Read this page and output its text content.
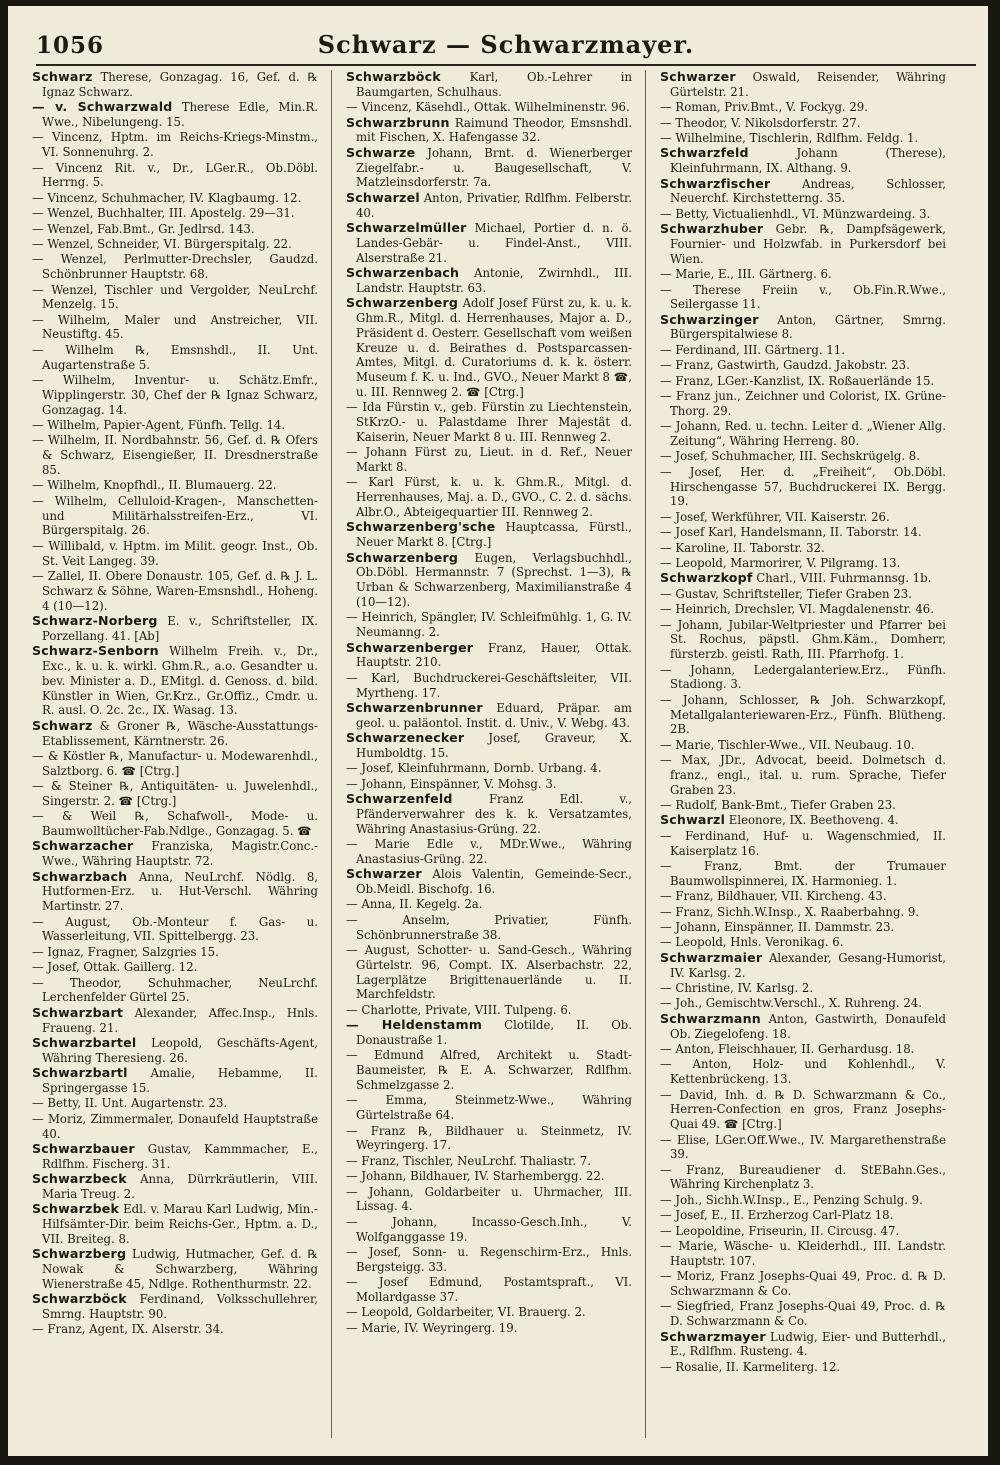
1056	Schwarz — Schwarzmayer.
Schwarz Therese, Gonzagag. 16, Gef. d. ℞ Ignaz Schwarz.
— v. Schwarzwald Therese Edle, Min.R. Wwe., Nibelungeng. 15.
— Vincenz, Hptm. im Reichs-Kriegs-Minstm., VI. Sonnenuhrg. 2.
— Vincenz Rit. v., Dr., LGer.R., Ob.Döbl. Herrng. 5.
— Vincenz, Schuhmacher, IV. Klagbaumg. 12.
— Wenzel, Buchhalter, III. Apostelg. 29—31.
— Wenzel, Fab.Bmt., Gr. Jedlrsd. 143.
— Wenzel, Schneider, VI. Bürgerspitalg. 22.
— Wenzel, Perlmutter-Drechsler, Gaudzd. Schönbrunner Hauptstr. 68.
— Wenzel, Tischler und Vergolder, NeuLrchf. Menzelg. 15.
— Wilhelm, Maler und Anstreicher, VII. Neustiftg. 45.
— Wilhelm ℞, Emsnshdl., II. Unt. Augartenstraße 5.
— Wilhelm, Inventur- u. Schätz.Emfr., Wipplingerstr. 30, Chef der ℞ Ignaz Schwarz, Gonzagag. 14.
— Wilhelm, Papier-Agent, Fünfh. Tellg. 14.
— Wilhelm, II. Nordbahnstr. 56, Gef. d. ℞ Ofers & Schwarz, Eisengießer, II. Dresdnerstraße 85.
— Wilhelm, Knopfhdl., II. Blumauerg. 22.
— Wilhelm, Celluloid-Kragen-, Manschetten- und Militärhalsstreifen-Erz., VI. Bürgerspitalg. 26.
— Willibald, v. Hptm. im Milit. geogr. Inst., Ob. St. Veit Langeg. 39.
— Zallel, II. Obere Donaustr. 105, Gef. d. ℞ J. L. Schwarz & Söhne, Waren-Emsnshdl., Hoheng. 4 (10—12).
Schwarz-Norberg E. v., Schriftsteller, IX. Porzellang. 41. [Ab]
Schwarz-Senborn Wilhelm Freih. v., Dr., Exc., k. u. k. wirkl. Ghm.R., a.o. Gesandter u. bev. Minister a. D., EMitgl. d. Genoss. d. bild. Künstler in Wien, Gr.Krz., Gr.Offiz., Cmdr. u. R. ausl. O. 2c. 2c., IX. Wasag. 13.
Schwarz & Groner ℞, Wäsche-Ausstattungs-Etablissement, Kärntnerstr. 26.
— & Köstler ℞, Manufactur- u. Modewarenhdl., Salztborg. 6. ☎ [Ctrg.]
— & Steiner ℞, Antiquitäten- u. Juwelenhdl., Singerstr. 2. ☎ [Ctrg.]
— & Weil ℞, Schafwoll-, Mode- u. Baumwolltücher-Fab.Ndlge., Gonzagag. 5. ☎
Schwarzacher Franziska, Magistr.Conc.-Wwe., Währing Hauptstr. 72.
Schwarzbach Anna, NeuLrchf. Nödlg. 8, Hutformen-Erz. u. Hut-Verschl. Währing Martinstr. 27.
— August, Ob.-Monteur f. Gas- u. Wasserleitung, VII. Spittelbergg. 23.
— Ignaz, Fragner, Salzgries 15.
— Josef, Ottak. Gaillerg. 12.
— Theodor, Schuhmacher, NeuLrchf. Lerchenfelder Gürtel 25.
Schwarzbart Alexander, Affec.Insp., Hnls. Fraueng. 21.
Schwarzbartel Leopold, Geschäfts-Agent, Währing Theresieng. 26.
Schwarzbartl Amalie, Hebamme, II. Springergasse 15.
— Betty, II. Unt. Augartenstr. 23.
— Moriz, Zimmermaler, Donaufeld Hauptstraße 40.
Schwarzbauer Gustav, Kammmacher, E., Rdlfhm. Fischerg. 31.
Schwarzbeck Anna, Dürrkräutlerin, VIII. Maria Treug. 2.
Schwarzbek Edl. v. Marau Karl Ludwig, Min.-Hilfsämter-Dir. beim Reichs-Ger., Hptm. a. D., VII. Breiteg. 8.
Schwarzberg Ludwig, Hutmacher, Gef. d. ℞ Nowak & Schwarzberg, Währing Wienerstraße 45, Ndlge. Rothenthurmstr. 22.
Schwarzböck Ferdinand, Volksschullehrer, Smrng. Hauptstr. 90.
— Franz, Agent, IX. Alserstr. 34.
Schwarzböck Karl, Ob.-Lehrer in Baumgarten, Schulhaus.
— Vincenz, Käsehdl., Ottak. Wilhelminenstr. 96.
Schwarzbrunn Raimund Theodor, Emsnshdl. mit Fischen, X. Hafengasse 32.
Schwarze Johann, Brnt. d. Wienerberger Ziegelfabr.- u. Baugesellschaft, V. Matzleinsdorferstr. 7a.
Schwarzel Anton, Privatier, Rdlfhm. Felberstr. 40.
Schwarzelmüller Michael, Portier d. n. ö. Landes-Gebär- u. Findel-Anst., VIII. Alserstraße 21.
Schwarzenbach Antonie, Zwirnhdl., III. Landstr. Hauptstr. 63.
Schwarzenberg Adolf Josef Fürst zu, k. u. k. Ghm.R., Mitgl. d. Herrenhauses, Major a. D., Präsident d. Oesterr. Gesellschaft vom weißen Kreuze u. d. Beirathes d. Postsparcassen-Amtes, Mitgl. d. Curatoriums d. k. k. österr. Museum f. K. u. Ind., GVO., Neuer Markt 8 ☎, u. III. Rennweg 2. ☎ [Ctrg.]
— Ida Fürstin v., geb. Fürstin zu Liechtenstein, StKrzO.- u. Palastdame Ihrer Majestät d. Kaiserin, Neuer Markt 8 u. III. Rennweg 2.
— Johann Fürst zu, Lieut. in d. Ref., Neuer Markt 8.
— Karl Fürst, k. u. k. Ghm.R., Mitgl. d. Herrenhauses, Maj. a. D., GVO., C. 2. d. sächs. Albr.O., Abteigequartier III. Rennweg 2.
Schwarzenberg'sche Hauptcassa, Fürstl., Neuer Markt 8. [Ctrg.]
Schwarzenberg Eugen, Verlagsbuchhdl., Ob.Döbl. Hermannstr. 7 (Sprechst. 1—3), ℞ Urban & Schwarzenberg, Maximilianstraße 4 (10—12).
— Heinrich, Spängler, IV. Schleifmühlg. 1, G. IV. Neumanng. 2.
Schwarzenberger Franz, Hauer, Ottak. Hauptstr. 210.
— Karl, Buchdruckerei-Geschäftsleiter, VII. Myrtheng. 17.
Schwarzenbrunner Eduard, Präpar. am geol. u. paläontol. Instit. d. Univ., V. Webg. 43.
Schwarzenecker Josef, Graveur, X. Humboldtg. 15.
— Josef, Kleinfuhrmann, Dornb. Urbang. 4.
— Johann, Einspänner, V. Mohsg. 3.
Schwarzenfeld Franz Edl. v., Pfänderverwahrer des k. k. Versatzamtes, Währing Anastasius-Grüng. 22.
— Marie Edle v., MDr.Wwe., Währing Anastasius-Grüng. 22.
Schwarzer Alois Valentin, Gemeinde-Secr., Ob.Meidl. Bischofg. 16.
— Anna, II. Kegelg. 2a.
— Anselm, Privatier, Fünfh. Schönbrunnerstraße 38.
— August, Schotter- u. Sand-Gesch., Währing Gürtelstr. 96, Compt. IX. Alserbachstr. 22, Lagerplätze Brigittenauerlände u. II. Marchfeldstr.
— Charlotte, Private, VIII. Tulpeng. 6.
— Heldenstamm Clotilde, II. Ob. Donaustraße 1.
— Edmund Alfred, Architekt u. Stadt-Baumeister, ℞ E. A. Schwarzer, Rdlfhm. Schmelzgasse 2.
— Emma, Steinmetz-Wwe., Währing Gürtelstraße 64.
— Franz ℞, Bildhauer u. Steinmetz, IV. Weyringerg. 17.
— Franz, Tischler, NeuLrchf. Thaliastr. 7.
— Johann, Bildhauer, IV. Starhembergg. 22.
— Johann, Goldarbeiter u. Uhrmacher, III. Lissag. 4.
— Johann, Incasso-Gesch.Inh., V. Wolfganggasse 19.
— Josef, Sonn- u. Regenschirm-Erz., Hnls. Bergsteigg. 33.
— Josef Edmund, Postamtspraft., VI. Mollardgasse 37.
— Leopold, Goldarbeiter, VI. Brauerg. 2.
— Marie, IV. Weyringerg. 19.
Schwarzer Oswald, Reisender, Währing Gürtelstr. 21.
— Roman, Priv.Bmt., V. Fockyg. 29.
— Theodor, V. Nikolsdorferstr. 27.
— Wilhelmine, Tischlerin, Rdlfhm. Feldg. 1.
Schwarzfeld Johann (Therese), Kleinfuhrmann, IX. Althang. 9.
Schwarzfischer Andreas, Schlosser, Neuerchf. Kirchstetterng. 35.
— Betty, Victualienhdl., VI. Münzwardeing. 3.
Schwarzhuber Gebr. ℞, Dampfsägewerk, Fournier- und Holzwfab. in Purkersdorf bei Wien.
— Marie, E., III. Gärtnerg. 6.
— Therese Freiin v., Ob.Fin.R.Wwe., Seilergasse 11.
Schwarzinger Anton, Gärtner, Smrng. Bürgerspitalwiese 8.
— Ferdinand, III. Gärtnerg. 11.
— Franz, Gastwirth, Gaudzd. Jakobstr. 23.
— Franz, LGer.-Kanzlist, IX. Roßauerlände 15.
— Franz jun., Zeichner und Colorist, IX. Grüne-Thorg. 29.
— Johann, Red. u. techn. Leiter d. „Wiener Allg. Zeitung“, Währing Herreng. 80.
— Josef, Schuhmacher, III. Sechskrügelg. 8.
— Josef, Her. d. „Freiheit“, Ob.Döbl. Hirschengasse 57, Buchdruckerei IX. Bergg. 19.
— Josef, Werkführer, VII. Kaiserstr. 26.
— Josef Karl, Handelsmann, II. Taborstr. 14.
— Karoline, II. Taborstr. 32.
— Leopold, Marmorirer, V. Pilgramg. 13.
Schwarzkopf Charl., VIII. Fuhrmannsg. 1b.
— Gustav, Schriftsteller, Tiefer Graben 23.
— Heinrich, Drechsler, VI. Magdalenenstr. 46.
— Johann, Jubilar-Weltpriester und Pfarrer bei St. Rochus, päpstl. Ghm.Käm., Domherr, fürsterzb. geistl. Rath, III. Pfarrhofg. 1.
— Johann, Ledergalanteriew.Erz., Fünfh. Stadiong. 3.
— Johann, Schlosser, ℞ Joh. Schwarzkopf, Metallgalanteriewaren-Erz., Fünfh. Blütheng. 2B.
— Marie, Tischler-Wwe., VII. Neubaug. 10.
— Max, JDr., Advocat, beeid. Dolmetsch d. franz., engl., ital. u. rum. Sprache, Tiefer Graben 23.
— Rudolf, Bank-Bmt., Tiefer Graben 23.
Schwarzl Eleonore, IX. Beethoveng. 4.
— Ferdinand, Huf- u. Wagenschmied, II. Kaiserplatz 16.
— Franz, Bmt. der Trumauer Baumwollspinnerei, IX. Harmonieg. 1.
— Franz, Bildhauer, VII. Kircheng. 43.
— Franz, Sichh.W.Insp., X. Raaberbahng. 9.
— Johann, Einspänner, II. Dammstr. 23.
— Leopold, Hnls. Veronikag. 6.
Schwarzmaier Alexander, Gesang-Humorist, IV. Karlsg. 2.
— Christine, IV. Karlsg. 2.
— Joh., Gemischtw.Verschl., X. Ruhreng. 24.
Schwarzmann Anton, Gastwirth, Donaufeld Ob. Ziegelofeng. 18.
— Anton, Fleischhauer, II. Gerhardusg. 18.
— Anton, Holz- und Kohlenhdl., V. Kettenbrückeng. 13.
— David, Inh. d. ℞ D. Schwarzmann & Co., Herren-Confection en gros, Franz Josephs-Quai 49. ☎ [Ctrg.]
— Elise, LGer.Off.Wwe., IV. Margarethenstraße 39.
— Franz, Bureaudiener d. StEBahn.Ges., Währing Kirchenplatz 3.
— Joh., Sichh.W.Insp., E., Penzing Schulg. 9.
— Josef, E., II. Erzherzog Carl-Platz 18.
— Leopoldine, Friseurin, II. Circusg. 47.
— Marie, Wäsche- u. Kleiderhdl., III. Landstr. Hauptstr. 107.
— Moriz, Franz Josephs-Quai 49, Proc. d. ℞ D. Schwarzmann & Co.
— Siegfried, Franz Josephs-Quai 49, Proc. d. ℞ D. Schwarzmann & Co.
Schwarzmayer Ludwig, Eier- und Butterhdl., E., Rdlfhm. Rusteng. 4.
— Rosalie, II. Karmeliterg. 12.
